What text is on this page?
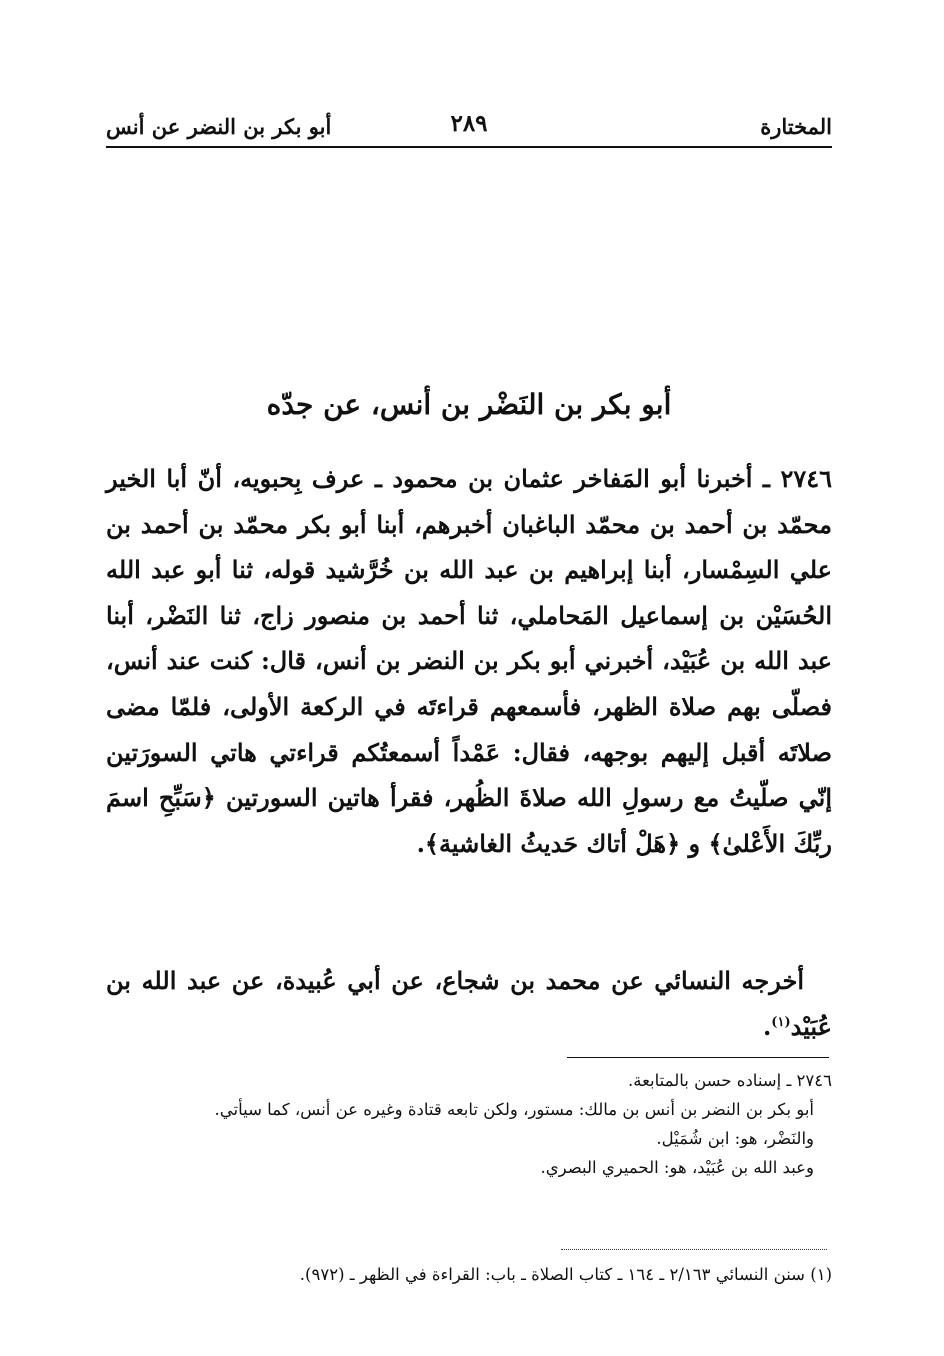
المختارة
٢٨٩
أبو بكر بن النضر عن أنس
أبو بكر بن النَضْر بن أنس، عن جدّه
٢٧٤٦ ـ أخبرنا أبو المَفاخر عثمان بن محمود ـ عرف بِحبويه، أنّ أبا الخير محمّد بن أحمد بن محمّد الباغبان أخبرهم، أبنا أبو بكر محمّد بن أحمد بن علي السِمْسار، أبنا إبراهيم بن عبد الله بن خُرَّشيد قوله، ثنا أبو عبد الله الحُسَيْن بن إسماعيل المَحاملي، ثنا أحمد بن منصور زاج، ثنا النَضْر، أبنا عبد الله بن عُبَيْد، أخبرني أبو بكر بن النضر بن أنس، قال: كنت عند أنس، فصلّى بهم صلاة الظهر، فأسمعهم قراءتَه في الركعة الأولى، فلمّا مضى صلاتَه أقبل إليهم بوجهه، فقال: عَمْداً أسمعتُكم قراءتي هاتي السورَتين إنّي صلّيتُ مع رسولِ الله صلاةَ الظُهر، فقرأ هاتين السورتين ﴿سَبِّحِ اسمَ ربِّكَ الأَعْلىٰ﴾ و ﴿هَلْ أتاك حَديثُ الغاشية﴾.
أخرجه النسائي عن محمد بن شجاع، عن أبي عُبيدة، عن عبد الله بن عُبَيْد$^{(١)}$.
٢٧٤٦ ـ إسناده حسن بالمتابعة.
أبو بكر بن النضر بن أنس بن مالك: مستور، ولكن تابعه قتادة وغيره عن أنس، كما سيأتي.
والنَضْر، هو: ابن شُمَيْل.
وعبد الله بن عُبَيْد، هو: الحميري البصري.
(١) سنن النسائي ٢/١٦٣ ـ ١٦٤ ـ كتاب الصلاة ـ باب: القراءة في الظهر ـ (٩٧٢).
